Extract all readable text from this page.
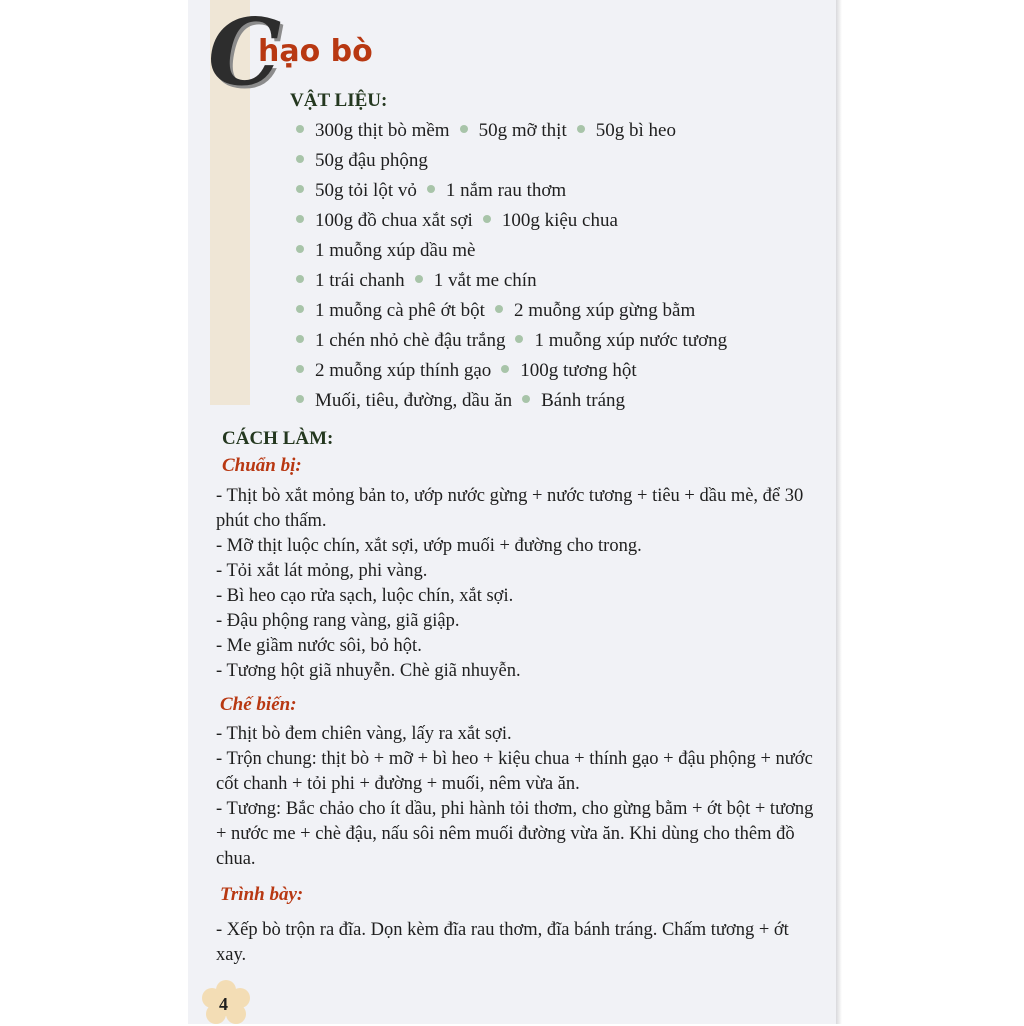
C
hạo bò
VẬT LIỆU:
300g thịt bò mềm 50g mỡ thịt 50g bì heo
50g đậu phộng
50g tỏi lột vỏ 1 nắm rau thơm
100g đồ chua xắt sợi 100g kiệu chua
1 muỗng xúp dầu mè
1 trái chanh 1 vắt me chín
1 muỗng cà phê ớt bột 2 muỗng xúp gừng bằm
1 chén nhỏ chè đậu trắng 1 muỗng xúp nước tương
2 muỗng xúp thính gạo 100g tương hột
Muối, tiêu, đường, dầu ăn Bánh tráng
CÁCH LÀM:
Chuẩn bị:
- Thịt bò xắt mỏng bản to, ướp nước gừng + nước tương + tiêu + dầu mè, để 30 phút cho thấm.
- Mỡ thịt luộc chín, xắt sợi, ướp muối + đường cho trong.
- Tỏi xắt lát mỏng, phi vàng.
- Bì heo cạo rửa sạch, luộc chín, xắt sợi.
- Đậu phộng rang vàng, giã giập.
- Me giầm nước sôi, bỏ hột.
- Tương hột giã nhuyễn. Chè giã nhuyễn.
Chế biến:
- Thịt bò đem chiên vàng, lấy ra xắt sợi.
- Trộn chung: thịt bò + mỡ + bì heo + kiệu chua + thính gạo + đậu phộng + nước cốt chanh + tỏi phi + đường + muối, nêm vừa ăn.
- Tương: Bắc chảo cho ít dầu, phi hành tỏi thơm, cho gừng bằm + ớt bột + tương + nước me + chè đậu, nấu sôi nêm muối đường vừa ăn. Khi dùng cho thêm đồ chua.
Trình bày:
- Xếp bò trộn ra đĩa. Dọn kèm đĩa rau thơm, đĩa bánh tráng. Chấm tương + ớt xay.
4
